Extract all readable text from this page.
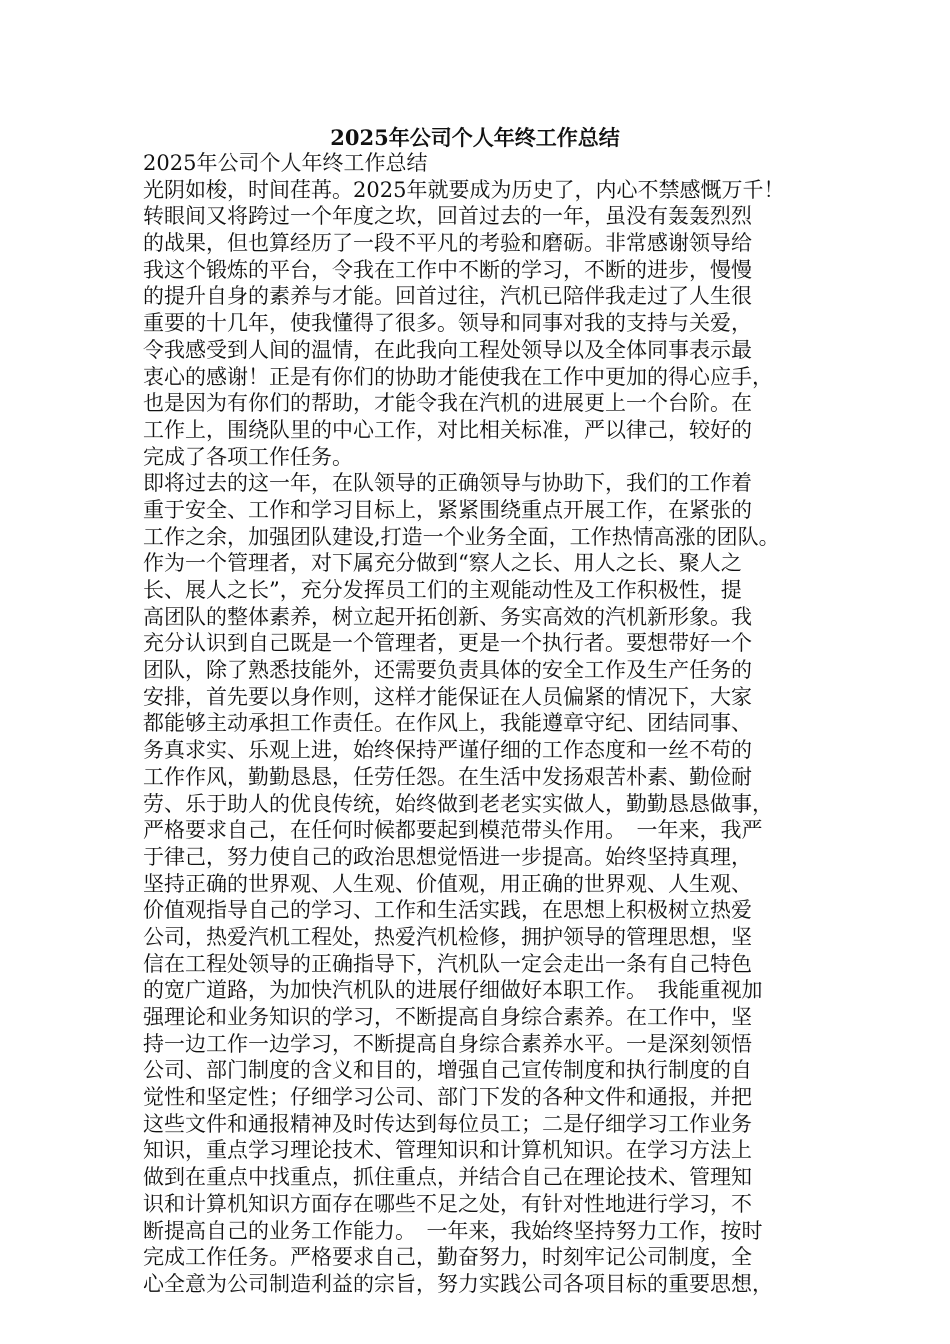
2025年公司个人年终工作总结
2025年公司个人年终工作总结
光阴如梭，时间荏苒。2025年就要成为历史了，内心不禁感慨万千！
转眼间又将跨过一个年度之坎，回首过去的一年，虽没有轰轰烈烈
的战果，但也算经历了一段不平凡的考验和磨砺。非常感谢领导给
我这个锻炼的平台，令我在工作中不断的学习，不断的进步，慢慢
的提升自身的素养与才能。回首过往，汽机已陪伴我走过了人生很
重要的十几年，使我懂得了很多。领导和同事对我的支持与关爱，
令我感受到人间的温情，在此我向工程处领导以及全体同事表示最
衷心的感谢！正是有你们的协助才能使我在工作中更加的得心应手，
也是因为有你们的帮助，才能令我在汽机的进展更上一个台阶。在
工作上，围绕队里的中心工作，对比相关标准，严以律己，较好的
完成了各项工作任务。
即将过去的这一年，在队领导的正确领导与协助下，我们的工作着
重于安全、工作和学习目标上，紧紧围绕重点开展工作，在紧张的
工作之余，加强团队建设,打造一个业务全面，工作热情高涨的团队。
作为一个管理者，对下属充分做到“察人之长、用人之长、聚人之
长、展人之长”，充分发挥员工们的主观能动性及工作积极性，提
高团队的整体素养，树立起开拓创新、务实高效的汽机新形象。我
充分认识到自己既是一个管理者，更是一个执行者。要想带好一个
团队，除了熟悉技能外，还需要负责具体的安全工作及生产任务的
安排，首先要以身作则，这样才能保证在人员偏紧的情况下，大家
都能够主动承担工作责任。在作风上，我能遵章守纪、团结同事、
务真求实、乐观上进，始终保持严谨仔细的工作态度和一丝不苟的
工作作风，勤勤恳恳，任劳任怨。在生活中发扬艰苦朴素、勤俭耐
劳、乐于助人的优良传统，始终做到老老实实做人，勤勤恳恳做事，
严格要求自己，在任何时候都要起到模范带头作用。　一年来，我严
于律己，努力使自己的政治思想觉悟进一步提高。始终坚持真理，
坚持正确的世界观、人生观、价值观，用正确的世界观、人生观、
价值观指导自己的学习、工作和生活实践，在思想上积极树立热爱
公司，热爱汽机工程处，热爱汽机检修，拥护领导的管理思想，坚
信在工程处领导的正确指导下，汽机队一定会走出一条有自己特色
的宽广道路，为加快汽机队的进展仔细做好本职工作。　我能重视加
强理论和业务知识的学习，不断提高自身综合素养。在工作中，坚
持一边工作一边学习，不断提高自身综合素养水平。一是深刻领悟
公司、部门制度的含义和目的，增强自己宣传制度和执行制度的自
觉性和坚定性；仔细学习公司、部门下发的各种文件和通报，并把
这些文件和通报精神及时传达到每位员工；二是仔细学习工作业务
知识，重点学习理论技术、管理知识和计算机知识。在学习方法上
做到在重点中找重点，抓住重点，并结合自己在理论技术、管理知
识和计算机知识方面存在哪些不足之处，有针对性地进行学习，不
断提高自己的业务工作能力。　一年来，我始终坚持努力工作，按时
完成工作任务。严格要求自己，勤奋努力，时刻牢记公司制度，全
心全意为公司制造利益的宗旨，努力实践公司各项目标的重要思想，
